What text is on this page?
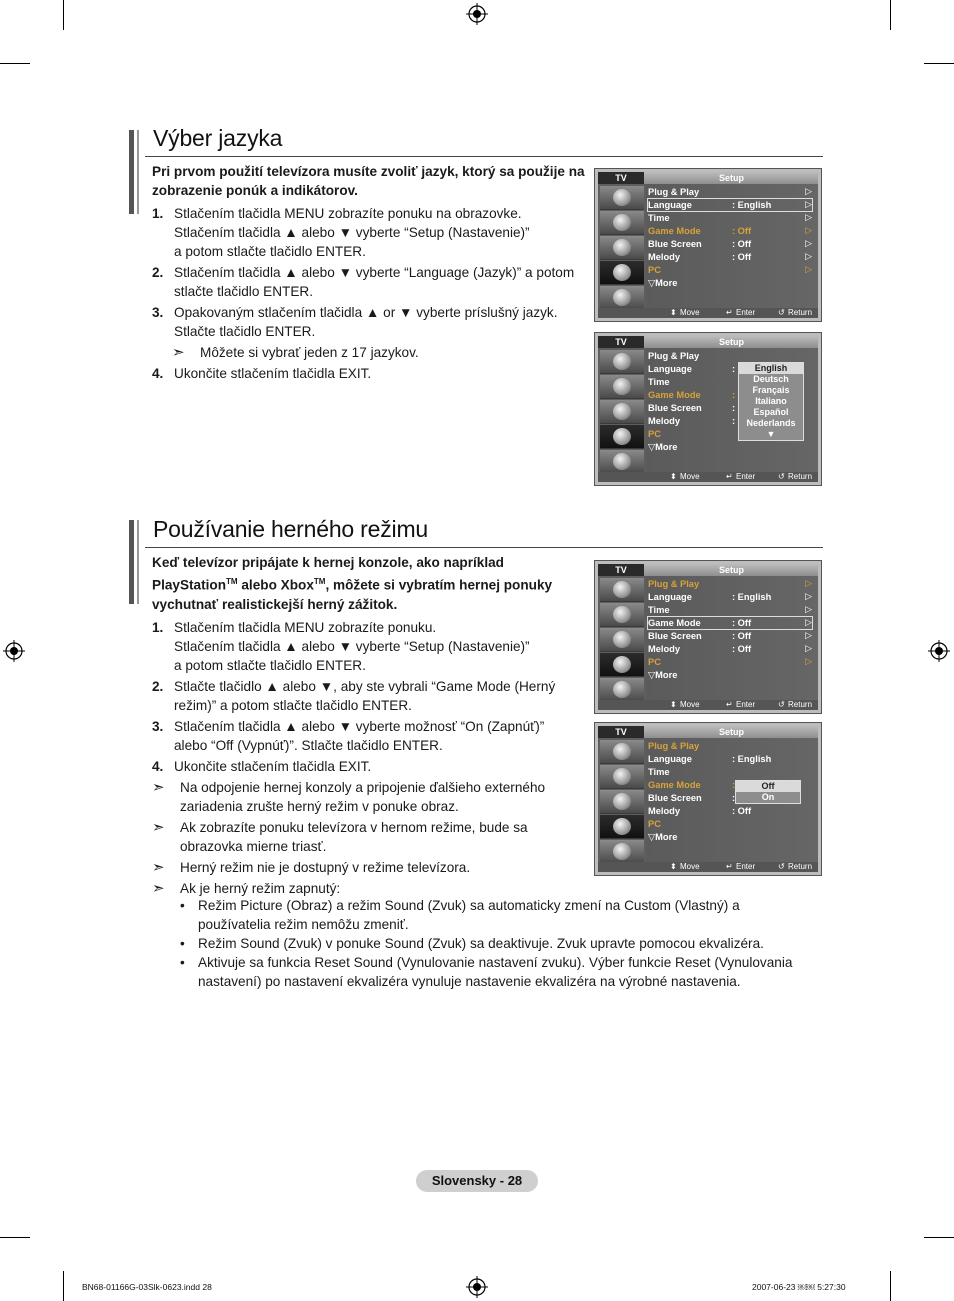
Výber jazyka

Pri prvom použití televízora musíte zvoliť jazyk, ktorý sa použije na zobrazenie ponúk a indikátorov.

1. Stlačením tlačidla MENU zobrazíte ponuku na obrazovke.
Stlačením tlačidla ▲ alebo ▼ vyberte “Setup (Nastavenie)”
a potom stlačte tlačidlo ENTER.
2. Stlačením tlačidla ▲ alebo ▼ vyberte “Language (Jazyk)” a potom
stlačte tlačidlo ENTER.
3. Opakovaným stlačením tlačidla ▲ or ▼ vyberte príslušný jazyk.
Stlačte tlačidlo ENTER.
➣ Môžete si vybrať jeden z 17 jazykov.
4. Ukončite stlačením tlačidla EXIT.
TV	Setup
Plug & Play	▷
Language	: English	▷
Time	▷
Game Mode	: Off	▷
Blue Screen	: Off	▷
Melody	: Off	▷
PC	▷
▽More
⬍ Move	↵ Enter	↺ Return
TV	Setup
Plug & Play
Language	:
Time
Game Mode	:
Blue Screen	:
Melody	:
PC
▽More
English
Deutsch
Français
Italiano
Español
Nederlands
▼
⬍ Move	↵ Enter	↺ Return
Používanie herného režimu

Keď televízor pripájate k hernej konzole, ako napríklad
PlayStation™ alebo Xbox™, môžete si vybratím hernej ponuky
vychutnať realistickejší herný zážitok.

1. Stlačením tlačidla MENU zobrazíte ponuku.
Stlačením tlačidla ▲ alebo ▼ vyberte “Setup (Nastavenie)”
a potom stlačte tlačidlo ENTER.
2. Stlačte tlačidlo ▲ alebo ▼, aby ste vybrali “Game Mode (Herný
režim)” a potom stlačte tlačidlo ENTER.
3. Stlačením tlačidla ▲ alebo ▼ vyberte možnosť “On (Zapnúť)”
alebo “Off (Vypnúť)”. Stlačte tlačidlo ENTER.
4. Ukončite stlačením tlačidla EXIT.
➣ Na odpojenie hernej konzoly a pripojenie ďalšieho externého
zariadenia zrušte herný režim v ponuke obraz.
➣ Ak zobrazíte ponuku televízora v hernom režime, bude sa
obrazovka mierne triasť.
➣ Herný režim nie je dostupný v režime televízora.
➣ Ak je herný režim zapnutý:
• Režim Picture (Obraz) a režim Sound (Zvuk) sa automaticky zmení na Custom (Vlastný) a
používatelia režim nemôžu zmeniť.
• Režim Sound (Zvuk) v ponuke Sound (Zvuk) sa deaktivuje. Zvuk upravte pomocou ekvalizéra.
• Aktivuje sa funkcia Reset Sound (Vynulovanie nastavení zvuku). Výber funkcie Reset (Vynulovania
nastavení) po nastavení ekvalizéra vynuluje nastavenie ekvalizéra na výrobné nastavenia.
TV	Setup
Plug & Play	▷
Language	: English	▷
Time	▷
Game Mode	: Off	▷
Blue Screen	: Off	▷
Melody	: Off	▷
PC	▷
▽More
⬍ Move	↵ Enter	↺ Return
TV	Setup
Plug & Play
Language	: English
Time
Game Mode	:
Blue Screen	:
Melody	: Off
PC
▽More
Off
On
⬍ Move	↵ Enter	↺ Return
Slovensky - 28
BN68-01166G-03Slk-0623.indd 28	2007-06-23 ￼￼ 5:27:30
